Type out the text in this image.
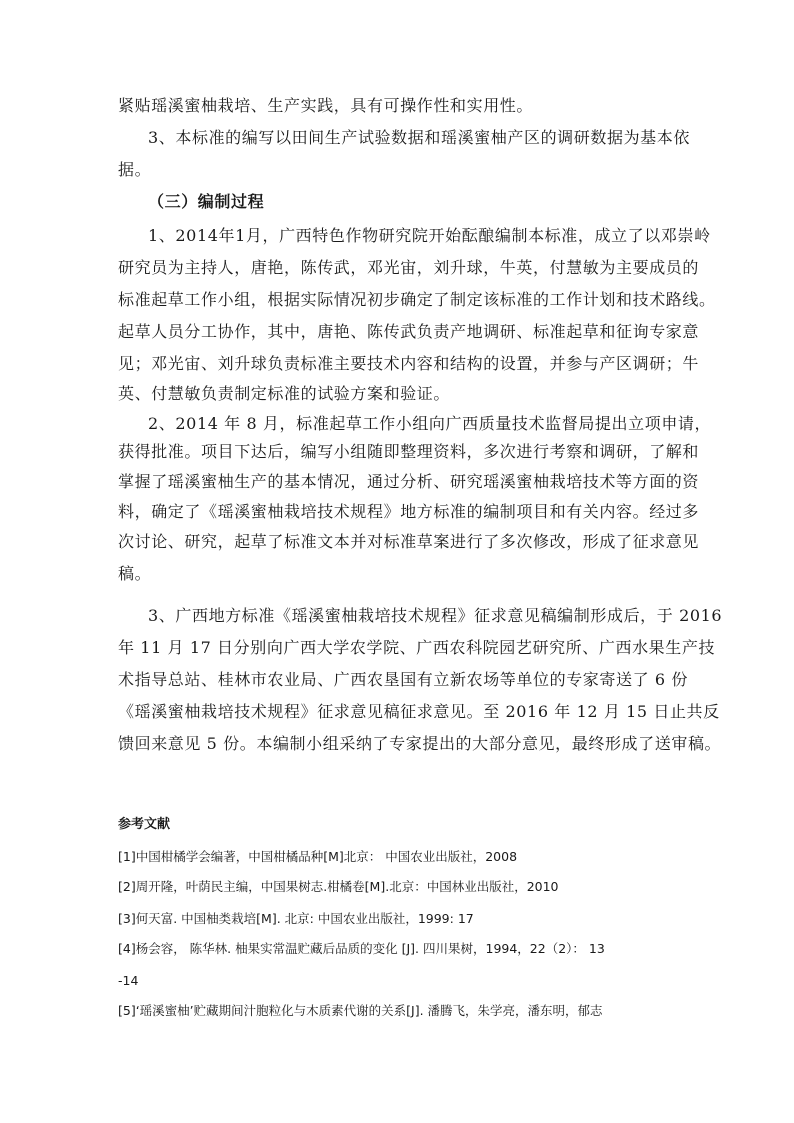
紧贴瑶溪蜜柚栽培、生产实践，具有可操作性和实用性。
3、本标准的编写以田间生产试验数据和瑶溪蜜柚产区的调研数据为基本依
据。
（三）编制过程
1、2014年1月，广西特色作物研究院开始酝酿编制本标准，成立了以邓崇岭
研究员为主持人，唐艳，陈传武，邓光宙，刘升球，牛英，付慧敏为主要成员的
标准起草工作小组，根据实际情况初步确定了制定该标准的工作计划和技术路线。
起草人员分工协作，其中，唐艳、陈传武负责产地调研、标准起草和征询专家意
见；邓光宙、刘升球负责标准主要技术内容和结构的设置，并参与产区调研；牛
英、付慧敏负责制定标准的试验方案和验证。
2、2014 年 8 月，标准起草工作小组向广西质量技术监督局提出立项申请，
获得批准。项目下达后，编写小组随即整理资料，多次进行考察和调研，了解和
掌握了瑶溪蜜柚生产的基本情况，通过分析、研究瑶溪蜜柚栽培技术等方面的资
料，确定了《瑶溪蜜柚栽培技术规程》地方标准的编制项目和有关内容。经过多
次讨论、研究，起草了标准文本并对标准草案进行了多次修改，形成了征求意见
稿。
3、广西地方标准《瑶溪蜜柚栽培技术规程》征求意见稿编制形成后，于 2016
年 11 月 17 日分别向广西大学农学院、广西农科院园艺研究所、广西水果生产技
术指导总站、桂林市农业局、广西农垦国有立新农场等单位的专家寄送了 6 份
《瑶溪蜜柚栽培技术规程》征求意见稿征求意见。至 2016 年 12 月 15 日止共反
馈回来意见 5 份。本编制小组采纳了专家提出的大部分意见，最终形成了送审稿。
参考文献
[1]中国柑橘学会编著，中国柑橘品种[M]北京： 中国农业出版社，2008
[2]周开隆，叶荫民主编，中国果树志.柑橘卷[M].北京：中国林业出版社，2010
[3]何天富. 中国柚类栽培[M]. 北京: 中国农业出版社，1999: 17
[4]杨会容， 陈华林. 柚果实常温贮藏后品质的变化 [J]. 四川果树，1994，22（2）： 13
-14
[5]‘瑶溪蜜柚’贮藏期间汁胞粒化与木质素代谢的关系[J]. 潘腾飞，朱学亮，潘东明，郁志
